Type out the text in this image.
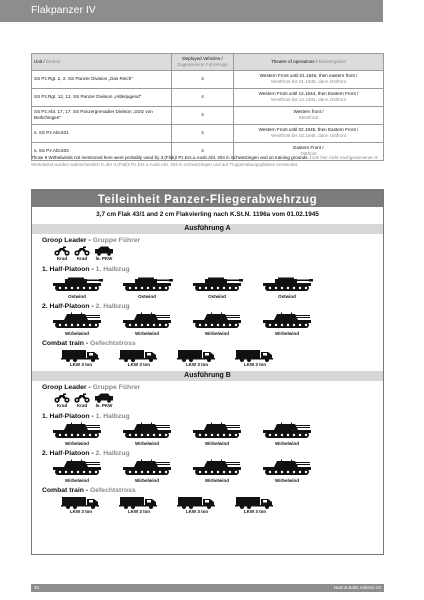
Flakpanzer IV
Unit / Einheit	Deployed Vehicles /
Zugewiesene Fahrzeuge	Theatre of operations / Einsatzgebiet
SS Pz.Rgt. 2, 2. SS Panzer Division „Das Reich"	4	Western Front until 01.1945, then eastern front /
Westfront bis 01.1945, dann Ostfront
SS Pz.Rgt. 12, 12. SS Panzer Division „Hitlerjugend"	4	Western Front until 12.1944, then Eastern Front /
Westfront bis 12.1944, dann Ostfront
SS Pz.Abt. 17, 17. SS Panzergrenadier Division „Götz von Berlichingen"	4	Western front /
Westfront
s. SS Pz.Abt.501	4	Western Front until 02.1945, then Eastern Front /
Westfront bis 02.1945, dann Ostfront
s. SS Pz.Abt.503	4	Eastern Front /
Ostfront
Those 9 Wirbelwinds not mentioned here were probably used by 3.(Flak)/ Pz.Ers.u.Ausb.Abt. 204 in Schwetzingen and on training grounds. / Die hier nicht nachgewiesenen 9 Wirbelwind wurden wahrscheinlich in der 3.(Flak)/ Pz.Ers.u.Ausb.Abt. 204 in Schwetzingen und auf Truppenübungsplätzen verwendet.
Teileinheit Panzer-Fliegerabwehrzug
3,7 cm Flak 43/1 and 2 cm Flakvierling nach K.St.N. 1196a vom 01.02.1945
Ausführung A
Groop Leader - Gruppe Führer
Krad Krad le. PKW
1. Half-Platoon - 1. Halbzug
Ostwind	Ostwind	Ostwind	Ostwind
2. Half-Platoon - 2. Halbzug
Wirbelwind	Wirbelwind	Wirbelwind	Wirbelwind
Combat train - Gefechtstross
LKW 3 ton	LKW 3 ton	LKW 3 ton	LKW 3 ton
Ausführung B
Groop Leader - Gruppe Führer
Krad Krad le. PKW
1. Half-Platoon - 1. Halbzug
Wirbelwind	Wirbelwind	Wirbelwind	Wirbelwind
2. Half-Platoon - 2. Halbzug
Wirbelwind	Wirbelwind	Wirbelwind	Wirbelwind
Combat train - Gefechtstross
LKW 3 ton	LKW 3 ton	LKW 3 ton	LKW 3 ton
34	Nuts & Bolts Volume 23
